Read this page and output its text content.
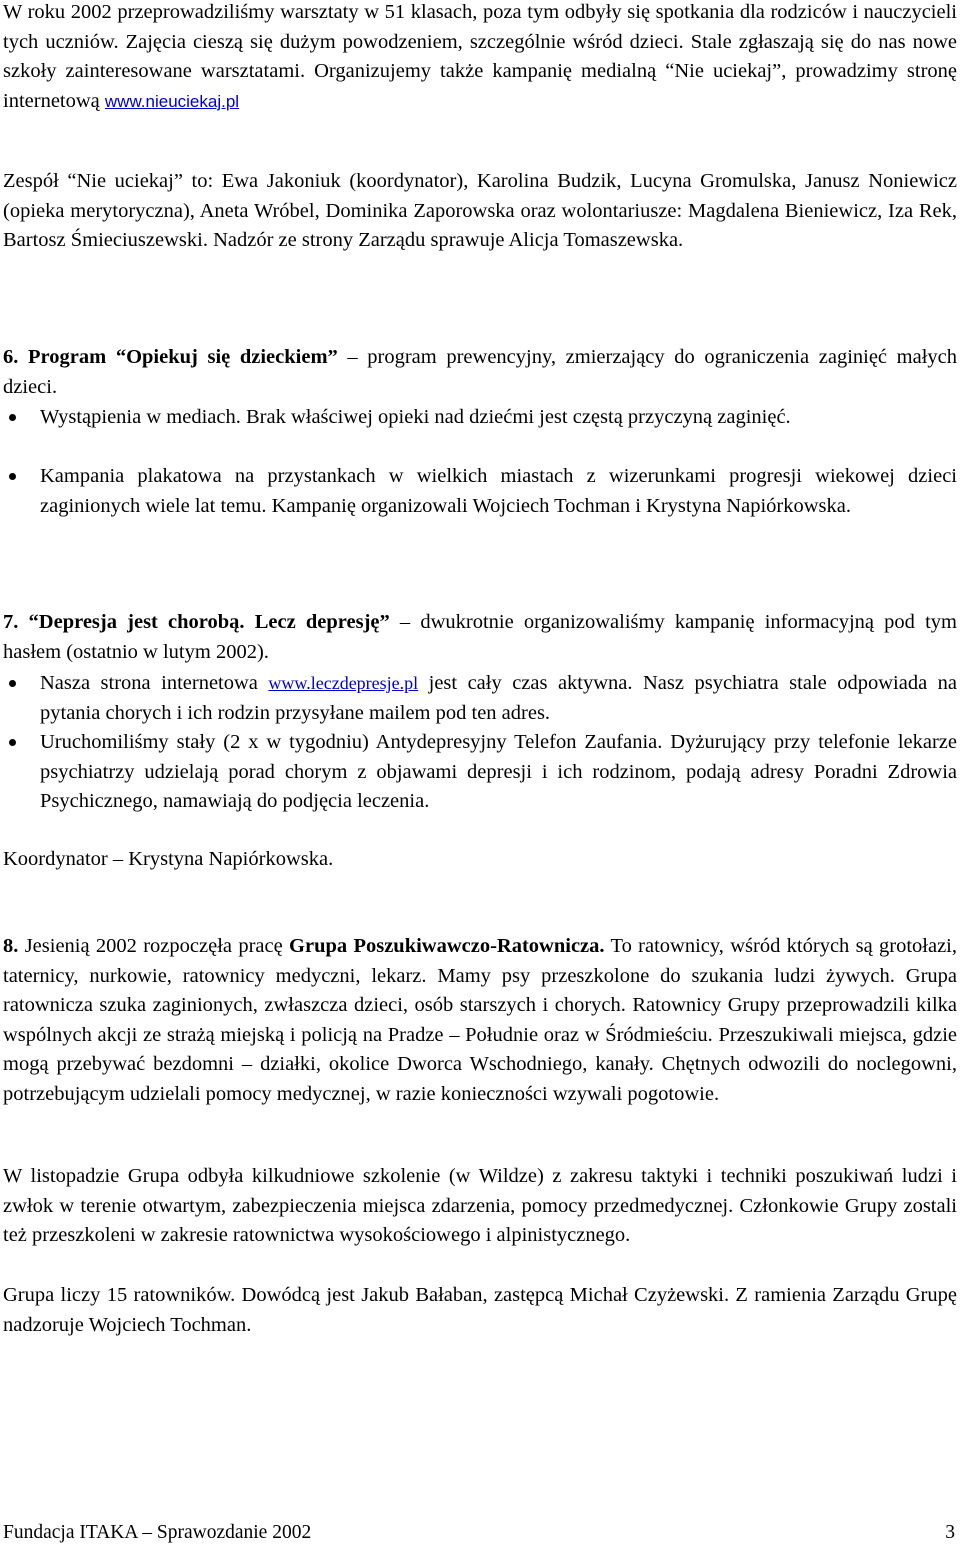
W roku 2002 przeprowadziliśmy warsztaty w 51 klasach, poza tym odbyły się spotkania dla rodziców i nauczycieli tych uczniów. Zajęcia cieszą się dużym powodzeniem, szczególnie wśród dzieci. Stale zgłaszają się do nas nowe szkoły zainteresowane warsztatami. Organizujemy także kampanię medialną “Nie uciekaj”, prowadzimy stronę internetową www.nieuciekaj.pl

Zespół “Nie uciekaj” to: Ewa Jakoniuk (koordynator), Karolina Budzik, Lucyna Gromulska, Janusz Noniewicz (opieka merytoryczna), Aneta Wróbel, Dominika Zaporowska oraz wolontariusze: Magdalena Bieniewicz, Iza Rek, Bartosz Śmieciuszewski. Nadzór ze strony Zarządu sprawuje Alicja Tomaszewska.

6. Program “Opiekuj się dzieckiem” – program prewencyjny, zmierzający do ograniczenia zaginięć małych dzieci.

Wystąpienia w mediach. Brak właściwej opieki nad dziećmi jest częstą przyczyną zaginięć.
Kampania plakatowa na przystankach w wielkich miastach z wizerunkami progresji wiekowej dzieci zaginionych wiele lat temu. Kampanię organizowali Wojciech Tochman i Krystyna Napiórkowska.

7. “Depresja jest chorobą. Lecz depresję” – dwukrotnie organizowaliśmy kampanię informacyjną pod tym hasłem (ostatnio w lutym 2002).

Nasza strona internetowa www.leczdepresje.pl jest cały czas aktywna. Nasz psychiatra stale odpowiada na pytania chorych i ich rodzin przysyłane mailem pod ten adres.
Uruchomiliśmy stały (2 x w tygodniu) Antydepresyjny Telefon Zaufania. Dyżurujący przy telefonie lekarze psychiatrzy udzielają porad chorym z objawami depresji i ich rodzinom, podają adresy Poradni Zdrowia Psychicznego, namawiają do podjęcia leczenia.

Koordynator – Krystyna Napiórkowska.

8. Jesienią 2002 rozpoczęła pracę Grupa Poszukiwawczo-Ratownicza. To ratownicy, wśród których są grotołazi, taternicy, nurkowie, ratownicy medyczni, lekarz. Mamy psy przeszkolone do szukania ludzi żywych. Grupa ratownicza szuka zaginionych, zwłaszcza dzieci, osób starszych i chorych. Ratownicy Grupy przeprowadzili kilka wspólnych akcji ze strażą miejską i policją na Pradze – Południe oraz w Śródmieściu. Przeszukiwali miejsca, gdzie mogą przebywać bezdomni – działki, okolice Dworca Wschodniego, kanały. Chętnych odwozili do noclegowni, potrzebującym udzielali pomocy medycznej, w razie konieczności wzywali pogotowie.

W listopadzie Grupa odbyła kilkudniowe szkolenie (w Wildze) z zakresu taktyki i techniki poszukiwań ludzi i zwłok w terenie otwartym, zabezpieczenia miejsca zdarzenia, pomocy przedmedycznej. Członkowie Grupy zostali też przeszkoleni w zakresie ratownictwa wysokościowego i alpinistycznego.

Grupa liczy 15 ratowników. Dowódcą jest Jakub Bałaban, zastępcą Michał Czyżewski. Z ramienia Zarządu Grupę nadzoruje Wojciech Tochman.

Fundacja ITAKA – Sprawozdanie 2002	3
